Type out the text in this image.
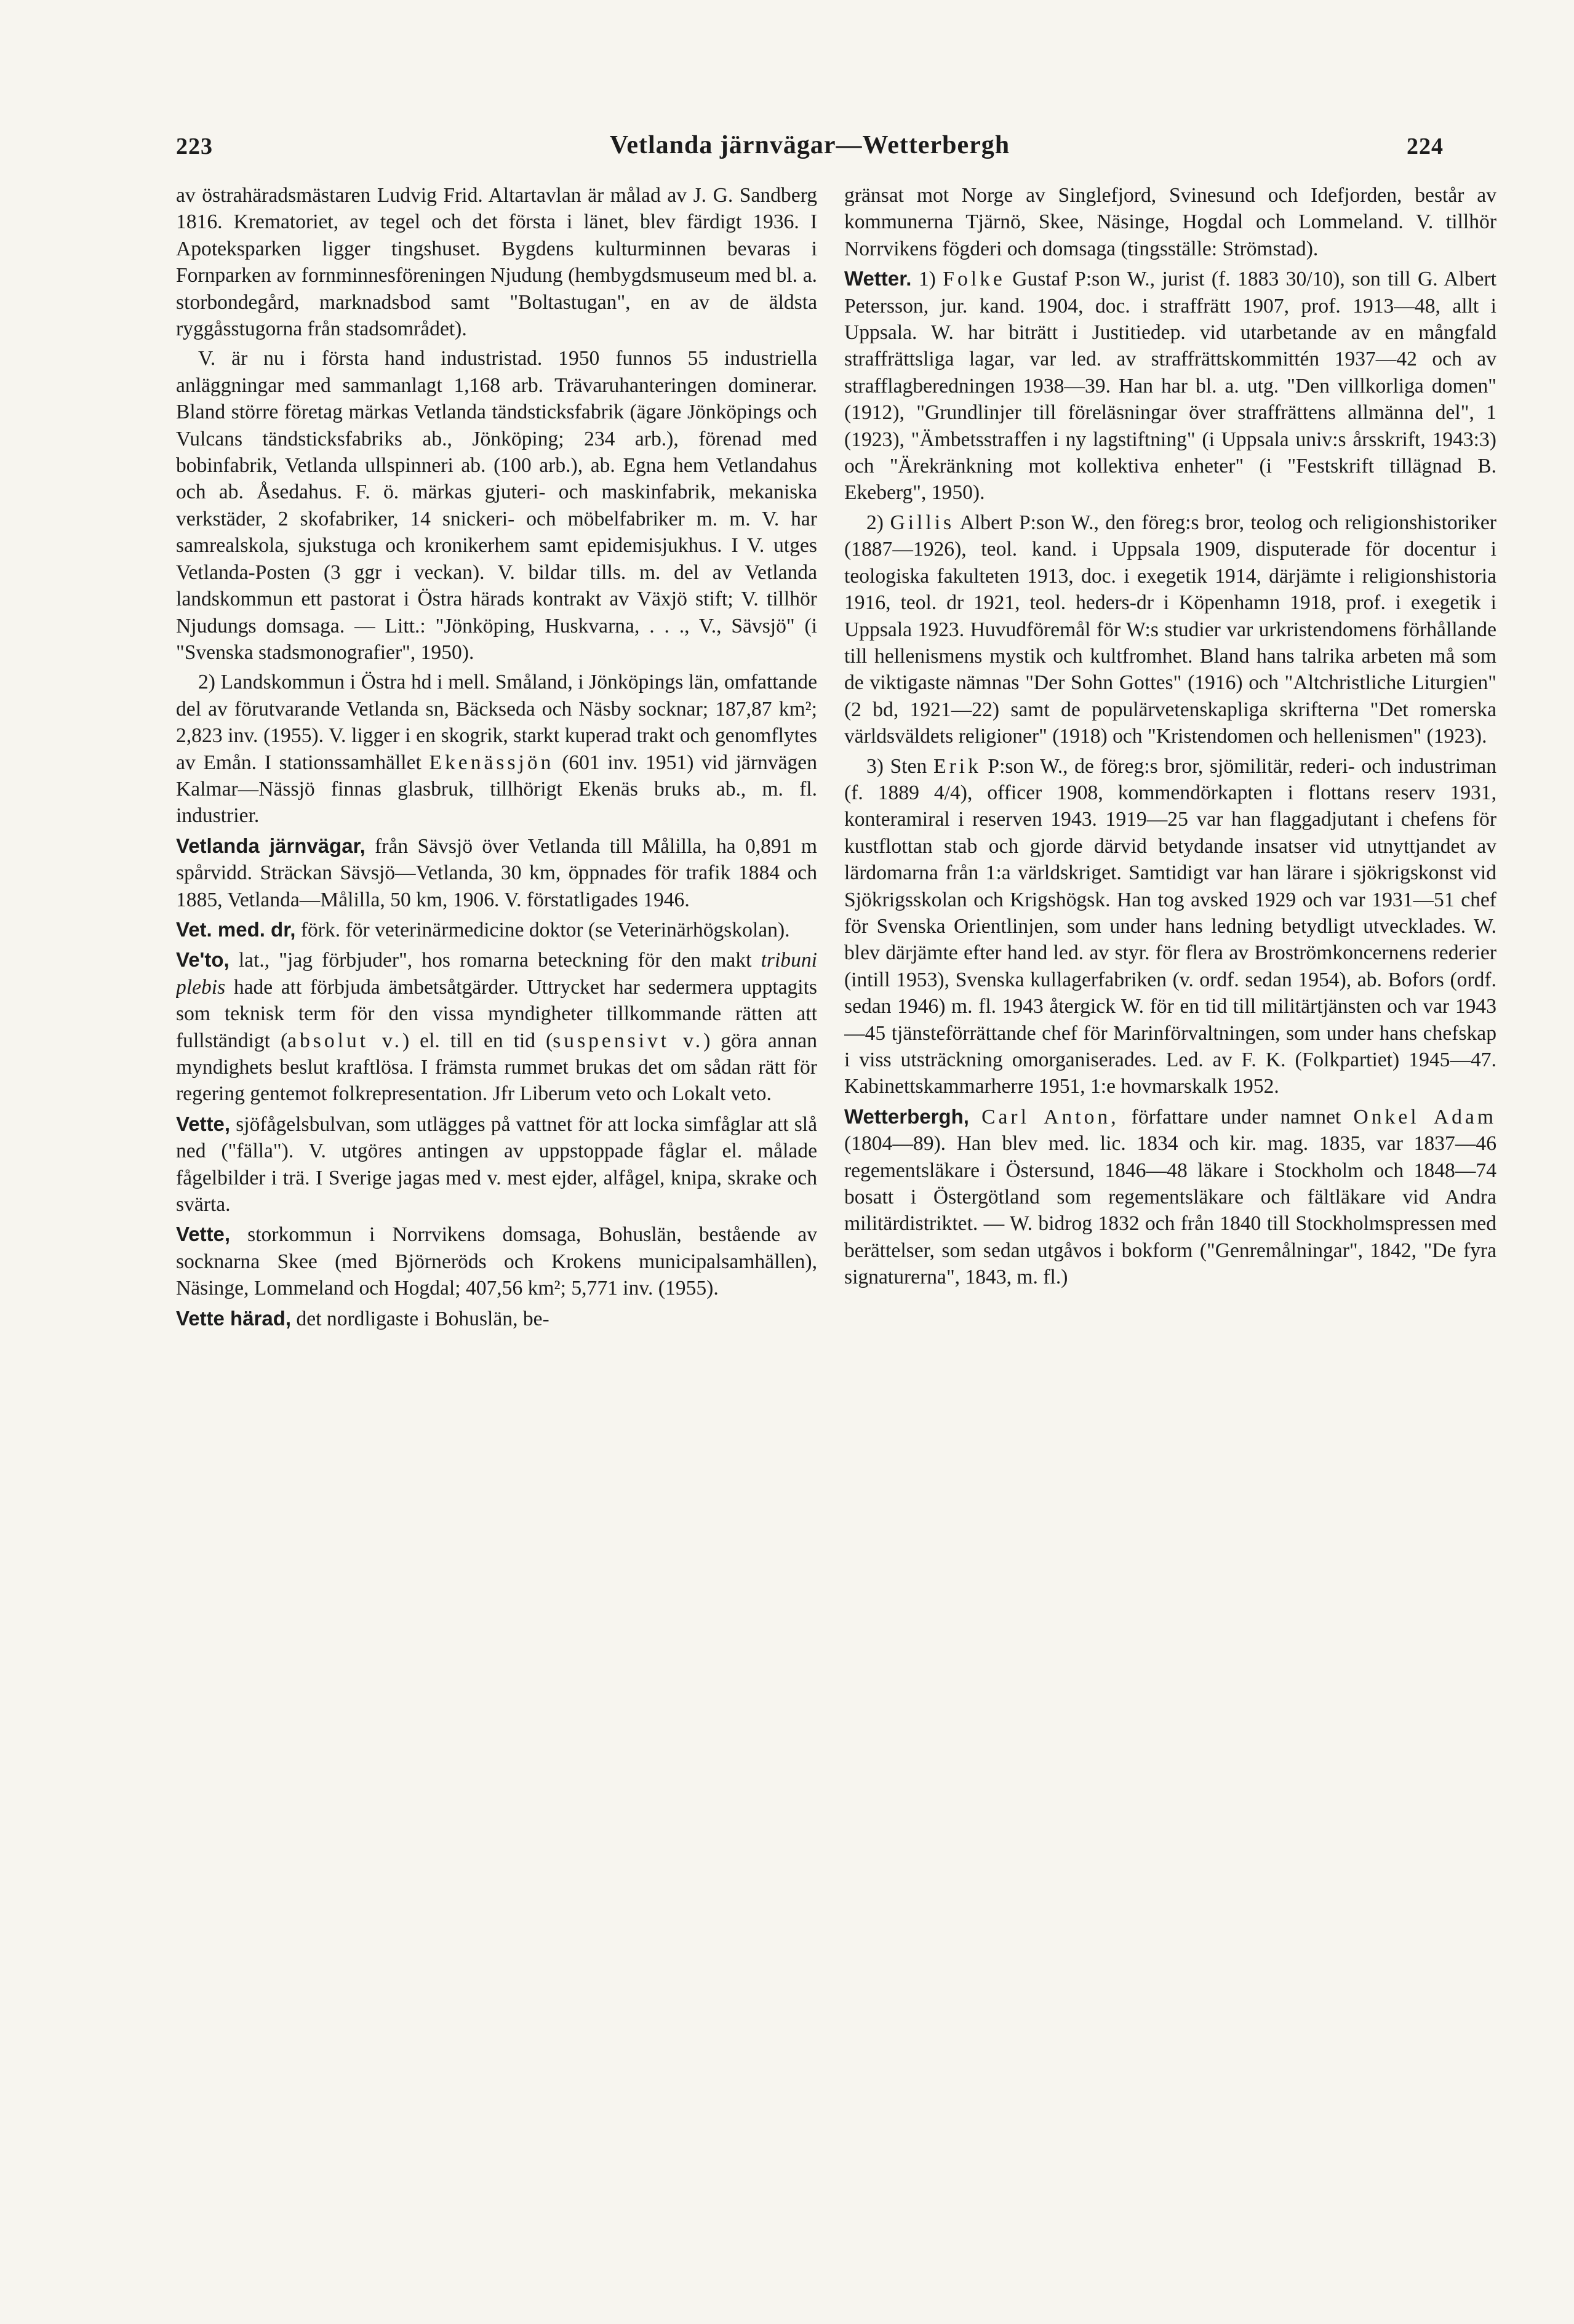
223	Vetlanda järnvägar—Wetterbergh	224

av östrahäradsmästaren Ludvig Frid. Altartavlan är målad av J. G. Sandberg 1816. Krematoriet, av tegel och det första i länet, blev färdigt 1936. I Apoteksparken ligger tingshuset. Bygdens kulturminnen bevaras i Fornparken av fornminnesföreningen Njudung (hembygdsmuseum med bl. a. storbondegård, marknadsbod samt "Boltastugan", en av de äldsta ryggåsstugorna från stadsområdet).

V. är nu i första hand industristad. 1950 funnos 55 industriella anläggningar med sammanlagt 1,168 arb. Trävaruhanteringen dominerar. Bland större företag märkas Vetlanda tändsticksfabrik (ägare Jönköpings och Vulcans tändsticksfabriks ab., Jönköping; 234 arb.), förenad med bobinfabrik, Vetlanda ullspinneri ab. (100 arb.), ab. Egna hem Vetlandahus och ab. Åsedahus. F. ö. märkas gjuteri- och maskinfabrik, mekaniska verkstäder, 2 skofabriker, 14 snickeri- och möbelfabriker m. m. V. har samrealskola, sjukstuga och kronikerhem samt epidemisjukhus. I V. utges Vetlanda-Posten (3 ggr i veckan). V. bildar tills. m. del av Vetlanda landskommun ett pastorat i Östra härads kontrakt av Växjö stift; V. tillhör Njudungs domsaga. — Litt.: "Jönköping, Huskvarna, . . ., V., Sävsjö" (i "Svenska stadsmonografier", 1950).

2) Landskommun i Östra hd i mell. Småland, i Jönköpings län, omfattande del av förutvarande Vetlanda sn, Bäckseda och Näsby socknar; 187,87 km²; 2,823 inv. (1955). V. ligger i en skogrik, starkt kuperad trakt och genomflytes av Emån. I stationssamhället Ekenässjön (601 inv. 1951) vid järnvägen Kalmar—Nässjö finnas glasbruk, tillhörigt Ekenäs bruks ab., m. fl. industrier.

Vetlanda järnvägar, från Sävsjö över Vetlanda till Målilla, ha 0,891 m spårvidd. Sträckan Sävsjö—Vetlanda, 30 km, öppnades för trafik 1884 och 1885, Vetlanda—Målilla, 50 km, 1906. V. förstatligades 1946.

Vet. med. dr, förk. för veterinärmedicine doktor (se Veterinärhögskolan).

Ve'to, lat., "jag förbjuder", hos romarna beteckning för den makt tribuni plebis hade att förbjuda ämbetsåtgärder. Uttrycket har sedermera upptagits som teknisk term för den vissa myndigheter tillkommande rätten att fullständigt (absolut v.) el. till en tid (suspensivt v.) göra annan myndighets beslut kraftlösa. I främsta rummet brukas det om sådan rätt för regering gentemot folkrepresentation. Jfr Liberum veto och Lokalt veto.

Vette, sjöfågelsbulvan, som utlägges på vattnet för att locka simfåglar att slå ned ("fälla"). V. utgöres antingen av uppstoppade fåglar el. målade fågelbilder i trä. I Sverige jagas med v. mest ejder, alfågel, knipa, skrake och svärta.

Vette, storkommun i Norrvikens domsaga, Bohuslän, bestående av socknarna Skee (med Björneröds och Krokens municipalsamhällen), Näsinge, Lommeland och Hogdal; 407,56 km²; 5,771 inv. (1955).

Vette härad, det nordligaste i Bohuslän, be-

gränsat mot Norge av Singlefjord, Svinesund och Idefjorden, består av kommunerna Tjärnö, Skee, Näsinge, Hogdal och Lommeland. V. tillhör Norrvikens fögderi och domsaga (tingsställe: Strömstad).

Wetter. 1) Folke Gustaf P:son W., jurist (f. 1883 30/10), son till G. Albert Petersson, jur. kand. 1904, doc. i straffrätt 1907, prof. 1913—48, allt i Uppsala. W. har biträtt i Justitiedep. vid utarbetande av en mångfald straffrättsliga lagar, var led. av straffrättskommittén 1937—42 och av strafflagberedningen 1938—39. Han har bl. a. utg. "Den villkorliga domen" (1912), "Grundlinjer till föreläsningar över straffrättens allmänna del", 1 (1923), "Ämbetsstraffen i ny lagstiftning" (i Uppsala univ:s årsskrift, 1943:3) och "Ärekränkning mot kollektiva enheter" (i "Festskrift tillägnad B. Ekeberg", 1950).

2) Gillis Albert P:son W., den föreg:s bror, teolog och religionshistoriker (1887—1926), teol. kand. i Uppsala 1909, disputerade för docentur i teologiska fakulteten 1913, doc. i exegetik 1914, därjämte i religionshistoria 1916, teol. dr 1921, teol. heders-dr i Köpenhamn 1918, prof. i exegetik i Uppsala 1923. Huvudföremål för W:s studier var urkristendomens förhållande till hellenismens mystik och kultfromhet. Bland hans talrika arbeten må som de viktigaste nämnas "Der Sohn Gottes" (1916) och "Altchristliche Liturgien" (2 bd, 1921—22) samt de populärvetenskapliga skrifterna "Det romerska världsväldets religioner" (1918) och "Kristendomen och hellenismen" (1923).

3) Sten Erik P:son W., de föreg:s bror, sjömilitär, rederi- och industriman (f. 1889 4/4), officer 1908, kommendörkapten i flottans reserv 1931, konteramiral i reserven 1943. 1919—25 var han flaggadjutant i chefens för kustflottan stab och gjorde därvid betydande insatser vid utnyttjandet av lärdomarna från 1:a världskriget. Samtidigt var han lärare i sjökrigskonst vid Sjökrigsskolan och Krigshögsk. Han tog avsked 1929 och var 1931—51 chef för Svenska Orientlinjen, som under hans ledning betydligt utvecklades. W. blev därjämte efter hand led. av styr. för flera av Broströmkoncernens rederier (intill 1953), Svenska kullagerfabriken (v. ordf. sedan 1954), ab. Bofors (ordf. sedan 1946) m. fl. 1943 återgick W. för en tid till militärtjänsten och var 1943—45 tjänsteförrättande chef för Marinförvaltningen, som under hans chefskap i viss utsträckning omorganiserades. Led. av F. K. (Folkpartiet) 1945—47. Kabinettskammarherre 1951, 1:e hovmarskalk 1952.

Wetterbergh, Carl Anton, författare under namnet Onkel Adam (1804—89). Han blev med. lic. 1834 och kir. mag. 1835, var 1837—46 regementsläkare i Östersund, 1846—48 läkare i Stockholm och 1848—74 bosatt i Östergötland som regementsläkare och fältläkare vid Andra militärdistriktet. — W. bidrog 1832 och från 1840 till Stockholmspressen med berättelser, som sedan utgåvos i bokform ("Genremålningar", 1842, "De fyra signaturerna", 1843, m. fl.)
